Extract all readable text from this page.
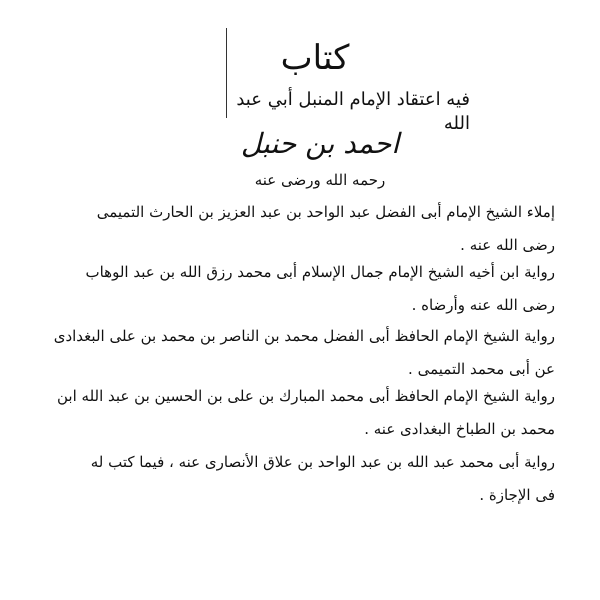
كتاب
فيه اعتقاد الإمام المنبل أبي عبد الله
احمد بن حنبل
رحمه الله ورضى عنه
إملاء الشيخ الإمام أبى الفضل عبد الواحد بن عبد العزيز بن الحارث التميمى
رضى الله عنه .
رواية ابن أخيه الشيخ الإمام جمال الإسلام أبى محمد رزق الله بن عبد الوهاب
رضى الله عنه وأرضاه .
رواية الشيخ الإمام الحافظ أبى الفضل محمد بن الناصر بن محمد بن على البغدادى
عن أبى محمد التميمى .
رواية الشيخ الإمام الحافظ أبى محمد المبارك بن على بن الحسين بن عبد الله ابن
محمد بن الطباخ البغدادى عنه .
رواية أبى محمد عبد الله بن عبد الواحد بن علاق الأنصارى عنه ، فيما كتب له
فى الإجازة .
